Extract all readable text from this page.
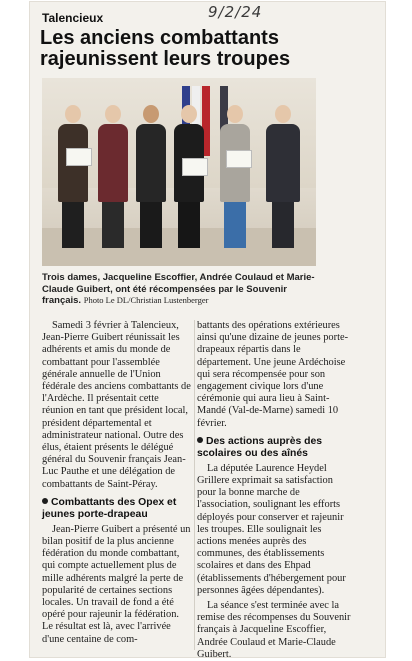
9/2/24
Talencieux
Les anciens combattants rajeunissent leurs troupes
Trois dames, Jacqueline Escoffier, Andrée Coulaud et Marie-Claude Guibert, ont été récompensées par le Souvenir français. Photo Le DL/Christian Lustenberger

Samedi 3 février à Talencieux, Jean-Pierre Guibert réunissait les adhérents et amis du monde de combattant pour l'assemblée générale annuelle de l'Union fédérale des anciens combattants de l'Ardèche. Il présentait cette réunion en tant que président local, président départemental et administrateur national. Outre des élus, étaient présents le délégué général du Souvenir français Jean-Luc Pauthe et une délégation de combattants de Saint-Péray.

Combattants des Opex et jeunes porte-drapeau

Jean-Pierre Guibert a présenté un bilan positif de la plus ancienne fédération du monde combattant, qui compte actuellement plus de mille adhérents malgré la perte de popularité de certaines sections locales. Un travail de fond a été opéré pour rajeunir la fédération. Le résultat est là, avec l'arrivée d'une centaine de com-

battants des opérations extérieures ainsi qu'une dizaine de jeunes porte-drapeaux répartis dans le département. Une jeune Ardéchoise qui sera récompensée pour son engagement civique lors d'une cérémonie qui aura lieu à Saint-Mandé (Val-de-Marne) samedi 10 février.

Des actions auprès des scolaires ou des aînés

La députée Laurence Heydel Grillere exprimait sa satisfaction pour la bonne marche de l'association, soulignant les efforts déployés pour conserver et rajeunir les troupes. Elle soulignait les actions menées auprès des communes, des établissements scolaires et dans des Ehpad (établissements d'hébergement pour personnes âgées dépendantes).

La séance s'est terminée avec la remise des récompenses du Souvenir français à Jacqueline Escoffier, Andrée Coulaud et Marie-Claude Guibert.
